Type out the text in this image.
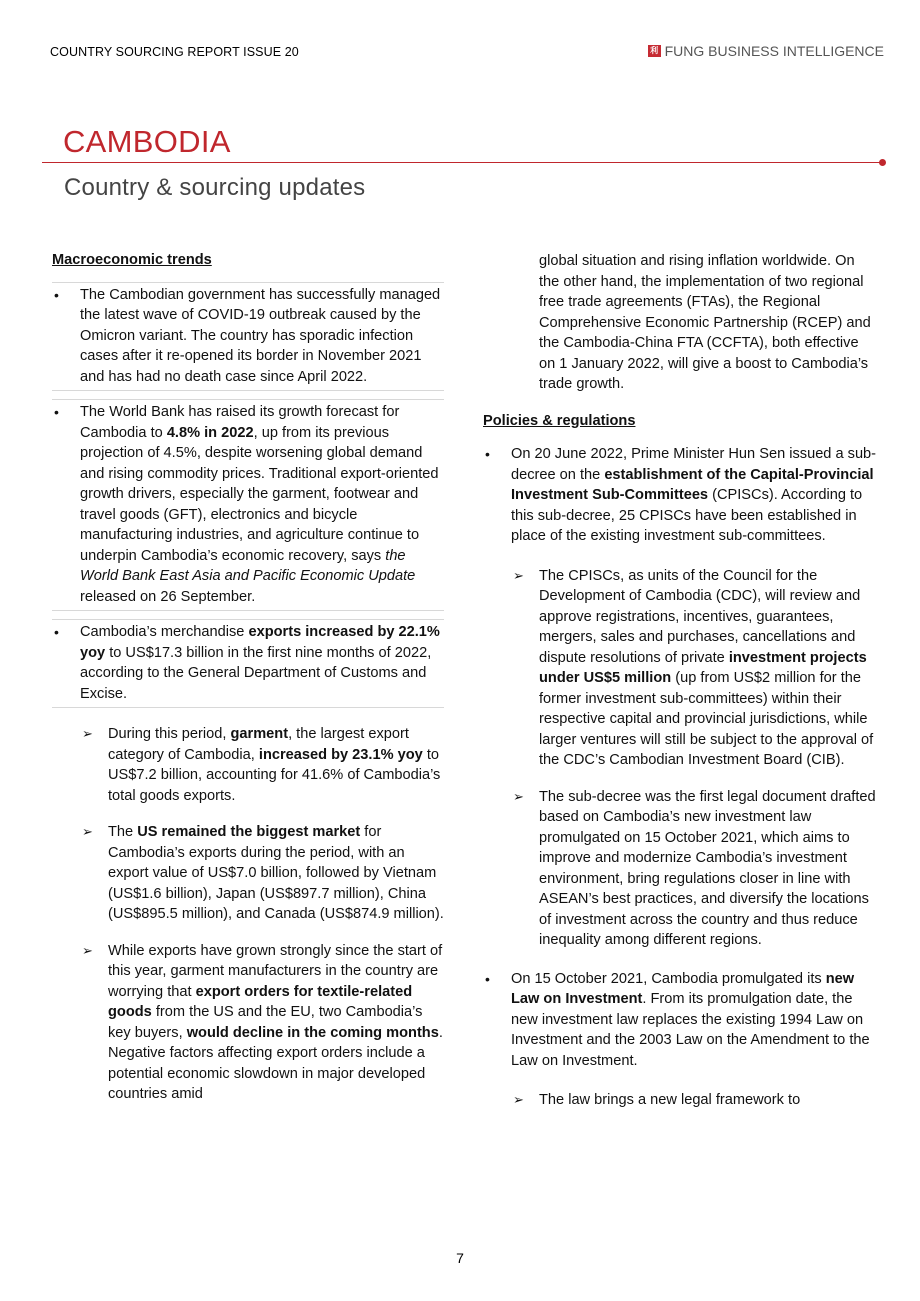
COUNTRY SOURCING REPORT ISSUE 20	利 FUNG BUSINESS INTELLIGENCE
CAMBODIA
Country & sourcing updates
Macroeconomic trends
• The Cambodian government has successfully managed the latest wave of COVID-19 outbreak caused by the Omicron variant. The country has sporadic infection cases after it re-opened its border in November 2021 and has had no death case since April 2022.
• The World Bank has raised its growth forecast for Cambodia to 4.8% in 2022, up from its previous projection of 4.5%, despite worsening global demand and rising commodity prices. Traditional export-oriented growth drivers, especially the garment, footwear and travel goods (GFT), electronics and bicycle manufacturing industries, and agriculture continue to underpin Cambodia’s economic recovery, says the World Bank East Asia and Pacific Economic Update released on 26 September.
• Cambodia’s merchandise exports increased by 22.1% yoy to US$17.3 billion in the first nine months of 2022, according to the General Department of Customs and Excise.
➢ During this period, garment, the largest export category of Cambodia, increased by 23.1% yoy to US$7.2 billion, accounting for 41.6% of Cambodia’s total goods exports.
➢ The US remained the biggest market for Cambodia’s exports during the period, with an export value of US$7.0 billion, followed by Vietnam (US$1.6 billion), Japan (US$897.7 million), China (US$895.5 million), and Canada (US$874.9 million).
➢ While exports have grown strongly since the start of this year, garment manufacturers in the country are worrying that export orders for textile-related goods from the US and the EU, two Cambodia’s key buyers, would decline in the coming months. Negative factors affecting export orders include a potential economic slowdown in major developed countries amid
global situation and rising inflation worldwide. On the other hand, the implementation of two regional free trade agreements (FTAs), the Regional Comprehensive Economic Partnership (RCEP) and the Cambodia-China FTA (CCFTA), both effective on 1 January 2022, will give a boost to Cambodia’s trade growth.
Policies & regulations
• On 20 June 2022, Prime Minister Hun Sen issued a sub-decree on the establishment of the Capital-Provincial Investment Sub-Committees (CPISCs). According to this sub-decree, 25 CPISCs have been established in place of the existing investment sub-committees.
➢ The CPISCs, as units of the Council for the Development of Cambodia (CDC), will review and approve registrations, incentives, guarantees, mergers, sales and purchases, cancellations and dispute resolutions of private investment projects under US$5 million (up from US$2 million for the former investment sub-committees) within their respective capital and provincial jurisdictions, while larger ventures will still be subject to the approval of the CDC’s Cambodian Investment Board (CIB).
➢ The sub-decree was the first legal document drafted based on Cambodia’s new investment law promulgated on 15 October 2021, which aims to improve and modernize Cambodia’s investment environment, bring regulations closer in line with ASEAN’s best practices, and diversify the locations of investment across the country and thus reduce inequality among different regions.
• On 15 October 2021, Cambodia promulgated its new Law on Investment. From its promulgation date, the new investment law replaces the existing 1994 Law on Investment and the 2003 Law on the Amendment to the Law on Investment.
➢ The law brings a new legal framework to
7
